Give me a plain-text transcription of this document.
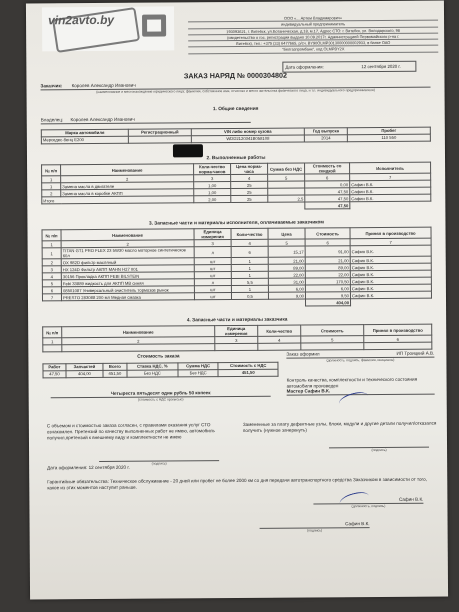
vin2avto.by	ООО «... Артем Владимирович»
индивидуальный предприниматель
193093621, г. Витебск, ул.Ботаническая, д.18, м.17, Адрес СТО: г. Витебск, ул. Володарского, 98
(свидетельство о гос. регистрации выдано 10.09.2017г. Администрацией Первомайского р-на г.
Витебск), тел.: +375 (33) 6477665, р/сч. BY90OLMP30130000000002933, в банке ОАО
"Белгазпромбанк", код OLMPBY2X
Дата оформления:	12 сентября 2020 г.
ЗАКАЗ НАРЯД № 0000304802
Заказчик: Королев Александр Иванович
(наименование и местонахождение юридического лица; фамилия, собственное имя, отчество и место жительства физического лица, и т.п. индивидуального предпринимателя)
1. Общие сведения
Владелец: Королев Александр Иванович
Марка автомобиля	Регистрационный	VIN либо номер кузова	Год выпуска	Пробег
Мерседес-бенц E200		WDD2120341B058108	2014	110 550
2. Выполненные работы
№ п/п	Наименование	Коли-чество норма-часов	Цена норма-часа	Сумма без НДС	Стоимость со скидкой	Исполнитель
1	2	3	4	5	6	7
1	Замена масла в двигателе	1,00	25		0,00	Сафин В.К.
2	Замена масла в коробке АКПП	1,00	25		47,50	Сафин В.К.
Итого		2,00	25	2,5	47,50	Сафин В.К.
					47,50	
3. Запасные части и материалы исполнителя, оплачиваемые заказчиком
№ п/п	Наименование	Единица измерения	Коли-чество	Цена	Стоимость	Принял в производство
1	2	3	4	5	6	7
1	TITAN GT1 PRO FLEX 23 5W30 масло моторное синтетическое 60л	л	6	15,17	91,00	Сафин В.К.
2	OX 982D фильтр масляный	шт	1	21,00	21,00	Сафин В.К.
3	HX 124D Фильтр АКПП MAHN H27 001	шт	1	89,00	89,00	Сафин В.К.
4	30156 Прокладка АКПП FEBI BILSTEIN	шт	1	22,00	22,00	Сафин В.К.
5	Febi 33889 жидкость для АКПП MB синяя	л	5,5	31,00	170,50	Сафин В.К.
6	08501087 Универсальный очиститель тормозов рынок	шт	1	6,00	6,00	Сафин В.К.
7	PRESTO 283088 200 мл Медная смазка	шт	0,5	9,00	9,50	Сафин В.К.
					404,00	
4. Запасные части и материалы заказчика
№ п/п	Наименование	Единица измерения	Коли-чество	Стоимость	Принял в производство
1	2	3	4	5	6

Стоимость заказа
Работ	Запчастей	Всего	Ставка НДС, %	Сумма НДС	Стоимость с НДС
47,50	404,00	451,50	Без НДС	Без НДС	451,50
Четыреста пятьдесят один рубль 50 копеек
(стоимость с НДС прописью)
Заказ оформил	ИП Троицкий А.В.
(должность, подпись, фамилия, инициалы)
Контроль качества, комплектности и технического состояния автомобиля произведен
Мастер Сафин В.К.
С объемом и стоимостью заказа согласен, с правилами оказания услуг СТО ознакомлен. Претензий по качеству выполненных работ не имею, автомобиль получил,претензий к внешнему виду и комплектности не имею
(подпись)
Замененные за плату дефектные узлы, блоки, модули и другие детали получил/отказался получить (нужное зачеркнуть)
(подпись)
Дата оформления: 12 сентября 2020 г.
Гарантийные обязательства: Техническое обслуживание - 20 дней или пробег не более 2000 км со дня передачи автотранспортного средства Заказчиком в зависимости от того, какое из этих моментов наступит раньше.
Сафин В.К.
(должность, подпись)
Сафин В.К.
(подпись)
